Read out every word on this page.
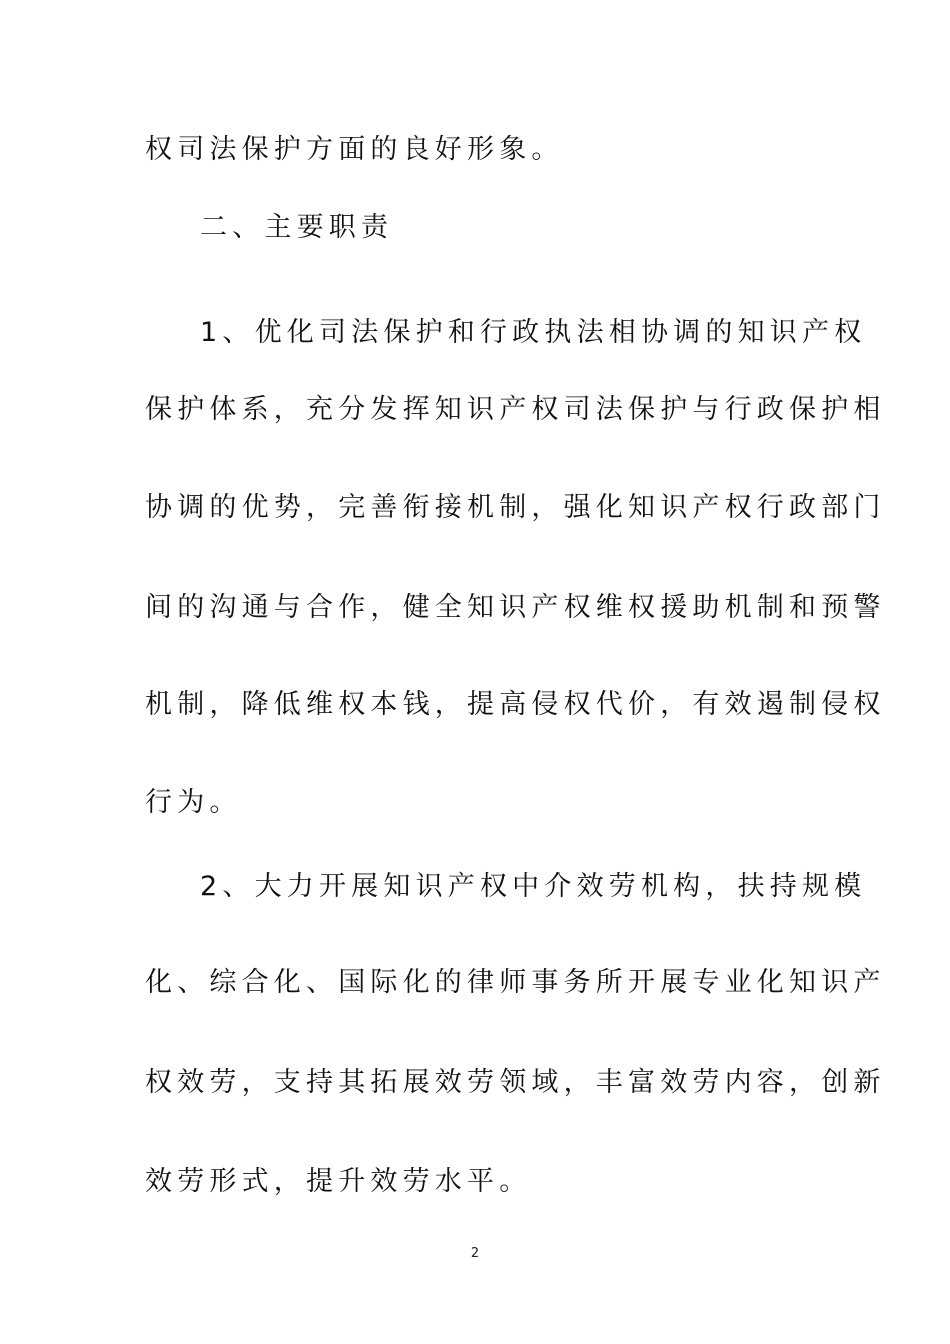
权司法保护方面的良好形象。
二、主要职责
1、优化司法保护和行政执法相协调的知识产权
保护体系，充分发挥知识产权司法保护与行政保护相
协调的优势，完善衔接机制，强化知识产权行政部门
间的沟通与合作，健全知识产权维权援助机制和预警
机制，降低维权本钱，提高侵权代价，有效遏制侵权
行为。
2、大力开展知识产权中介效劳机构，扶持规模
化、综合化、国际化的律师事务所开展专业化知识产
权效劳，支持其拓展效劳领域，丰富效劳内容，创新
效劳形式，提升效劳水平。
2
